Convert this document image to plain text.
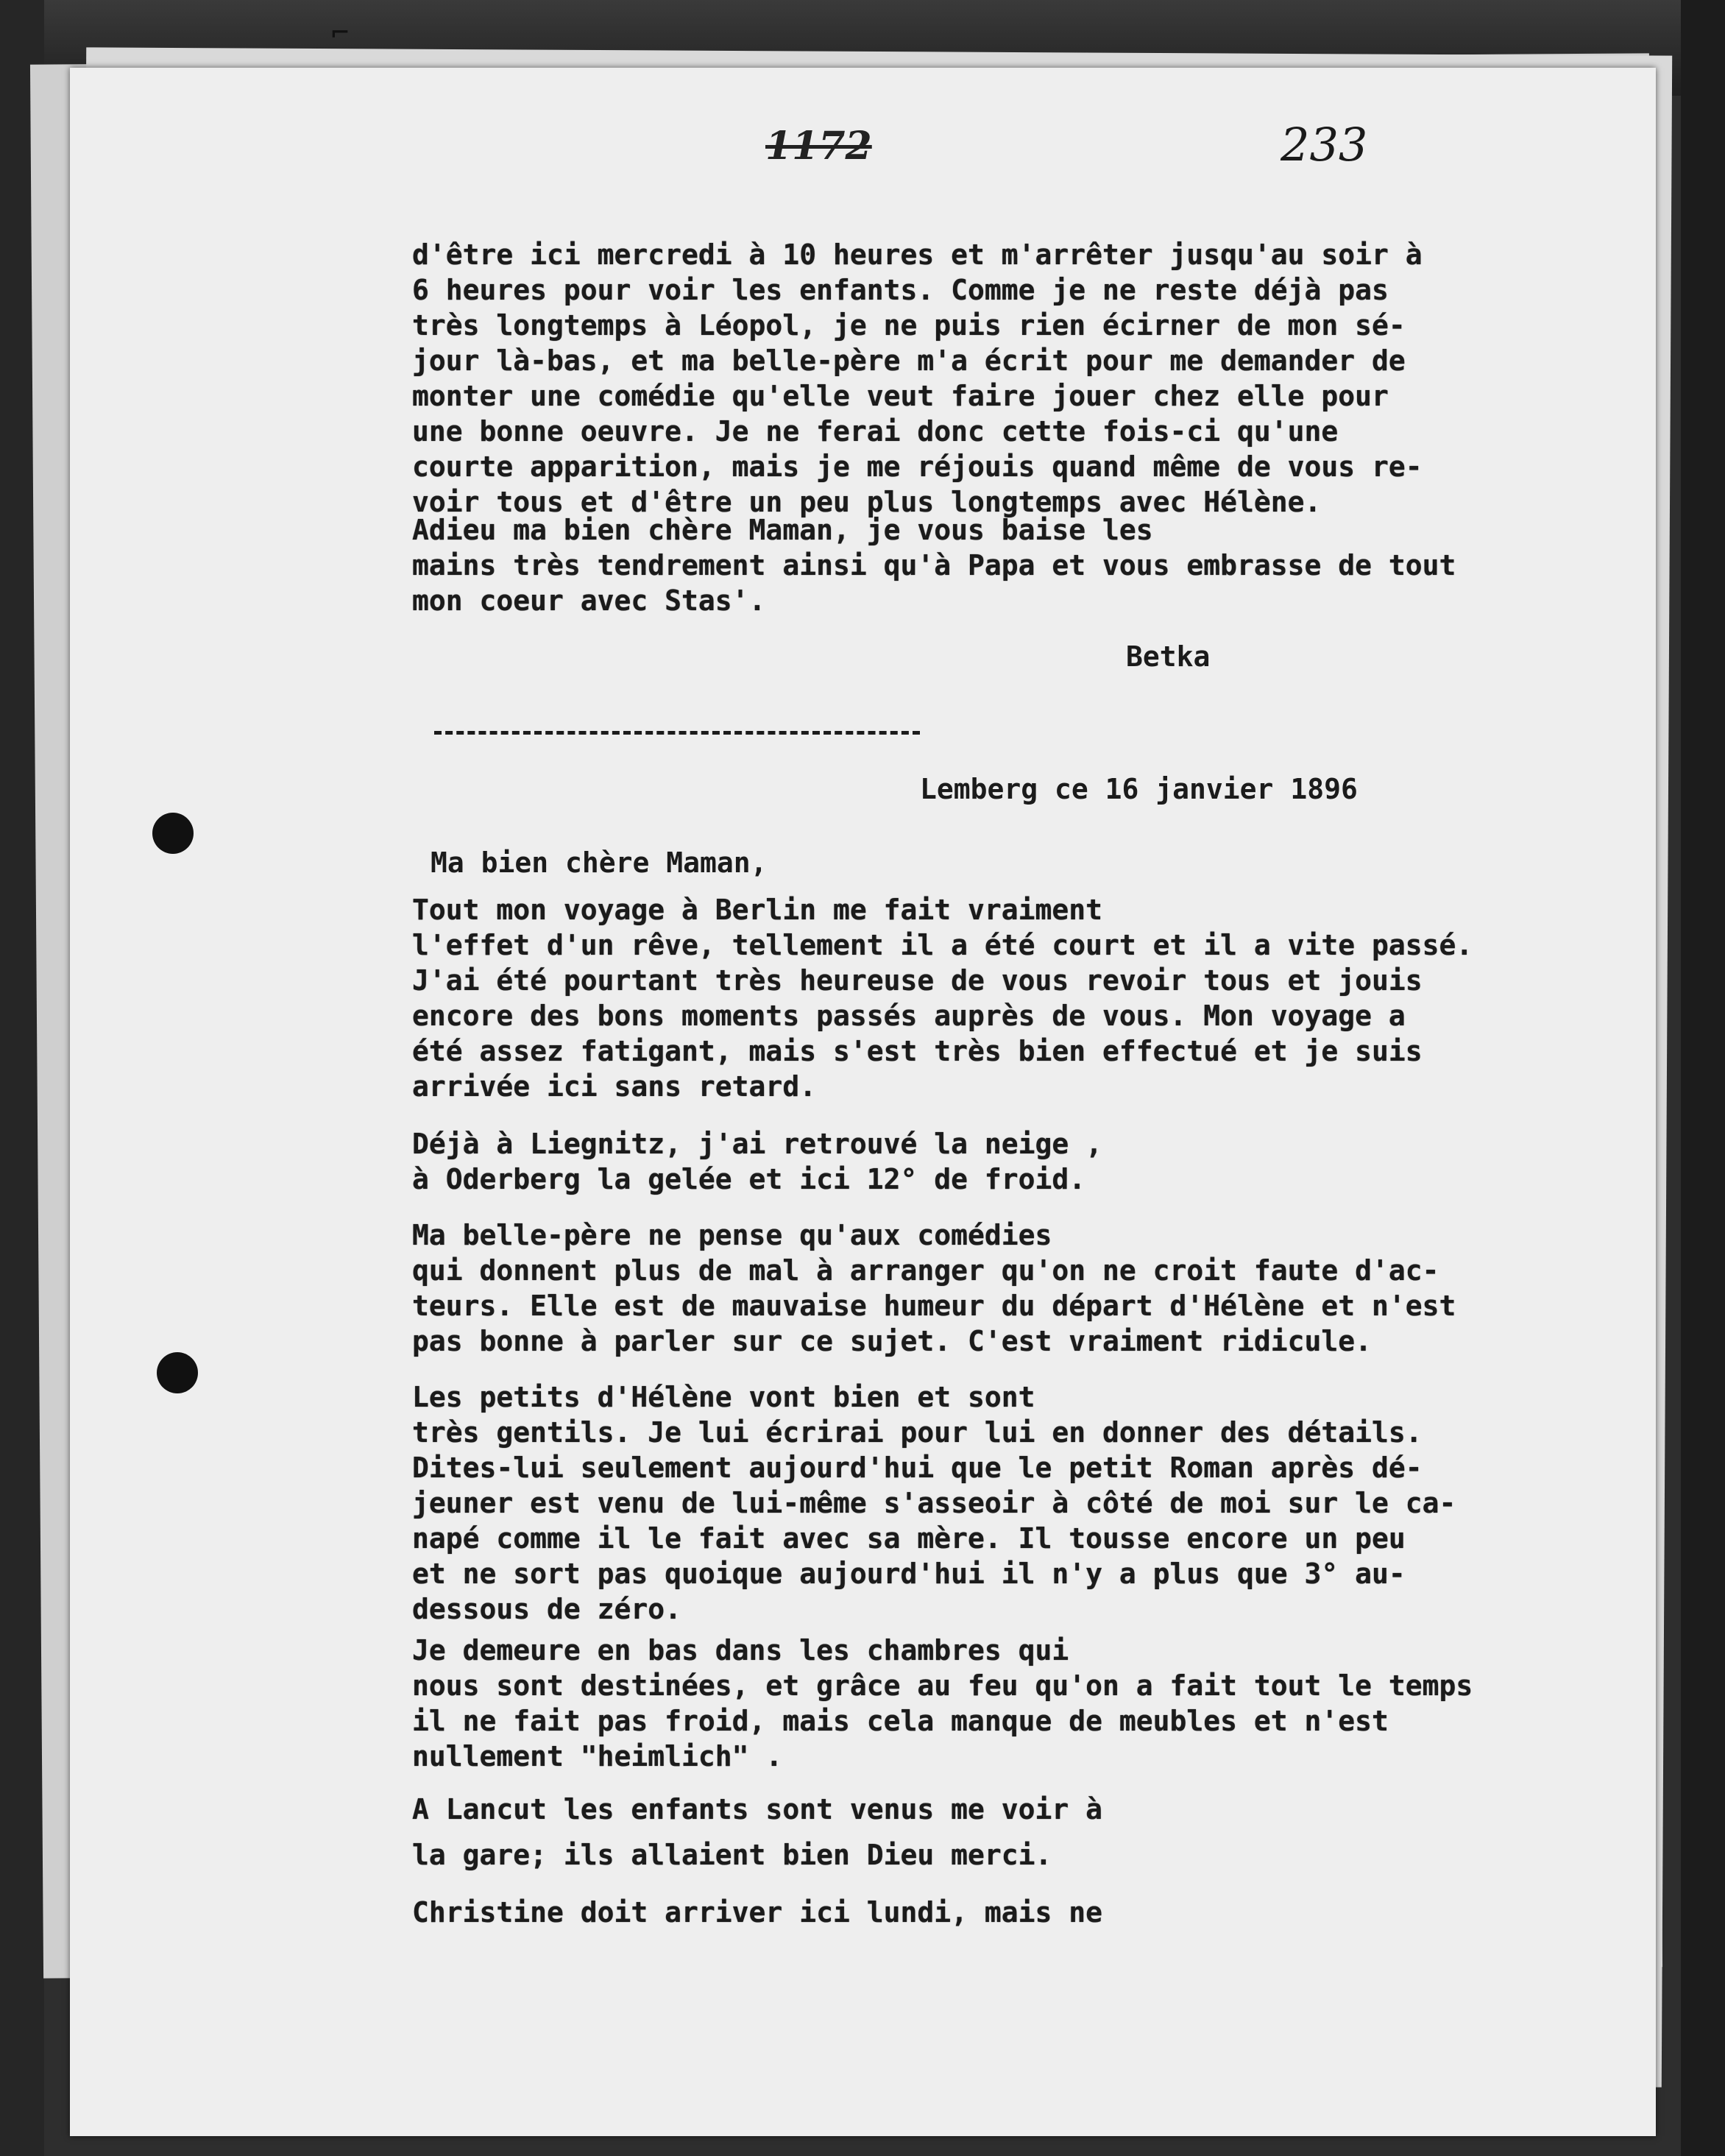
⌐
1172	233
d'être ici mercredi à 10 heures et m'arrêter jusqu'au soir à
6 heures pour voir les enfants. Comme je ne reste déjà pas
très longtemps à Léopol, je ne puis rien écirner de mon sé-
jour là-bas, et ma belle-père m'a écrit pour me demander de
monter une comédie qu'elle veut faire jouer chez elle pour
une bonne oeuvre. Je ne ferai donc cette fois-ci qu'une
courte apparition, mais je me réjouis quand même de vous re-
voir tous et d'être un peu plus longtemps avec Hélène.
Adieu ma bien chère Maman, je vous baise les
mains très tendrement ainsi qu'à Papa et vous embrasse de tout
mon coeur avec Stas'.
Betka
Lemberg ce 16 janvier 1896
Ma bien chère Maman,
Tout mon voyage à Berlin me fait vraiment
l'effet d'un rêve, tellement il a été court et il a vite passé.
J'ai été pourtant très heureuse de vous revoir tous et jouis
encore des bons moments passés auprès de vous. Mon voyage a
été assez fatigant, mais s'est très bien effectué et je suis
arrivée ici sans retard.
Déjà à Liegnitz, j'ai retrouvé la neige ,
à Oderberg la gelée et ici 12° de froid.
Ma belle-père ne pense qu'aux comédies
qui donnent plus de mal à arranger qu'on ne croit faute d'ac-
teurs. Elle est de mauvaise humeur du départ d'Hélène et n'est
pas bonne à parler sur ce sujet. C'est vraiment ridicule.
Les petits d'Hélène vont bien et sont
très gentils. Je lui écrirai pour lui en donner des détails.
Dites-lui seulement aujourd'hui que le petit Roman après dé-
jeuner est venu de lui-même s'asseoir à côté de moi sur le ca-
napé comme il le fait avec sa mère. Il tousse encore un peu
et ne sort pas quoique aujourd'hui il n'y a plus que 3° au-
dessous de zéro.
Je demeure en bas dans les chambres qui
nous sont destinées, et grâce au feu qu'on a fait tout le temps
il ne fait pas froid, mais cela manque de meubles et n'est
nullement "heimlich" .
A Lancut les enfants sont venus me voir à
la gare; ils allaient bien Dieu merci.
Christine doit arriver ici lundi, mais ne
